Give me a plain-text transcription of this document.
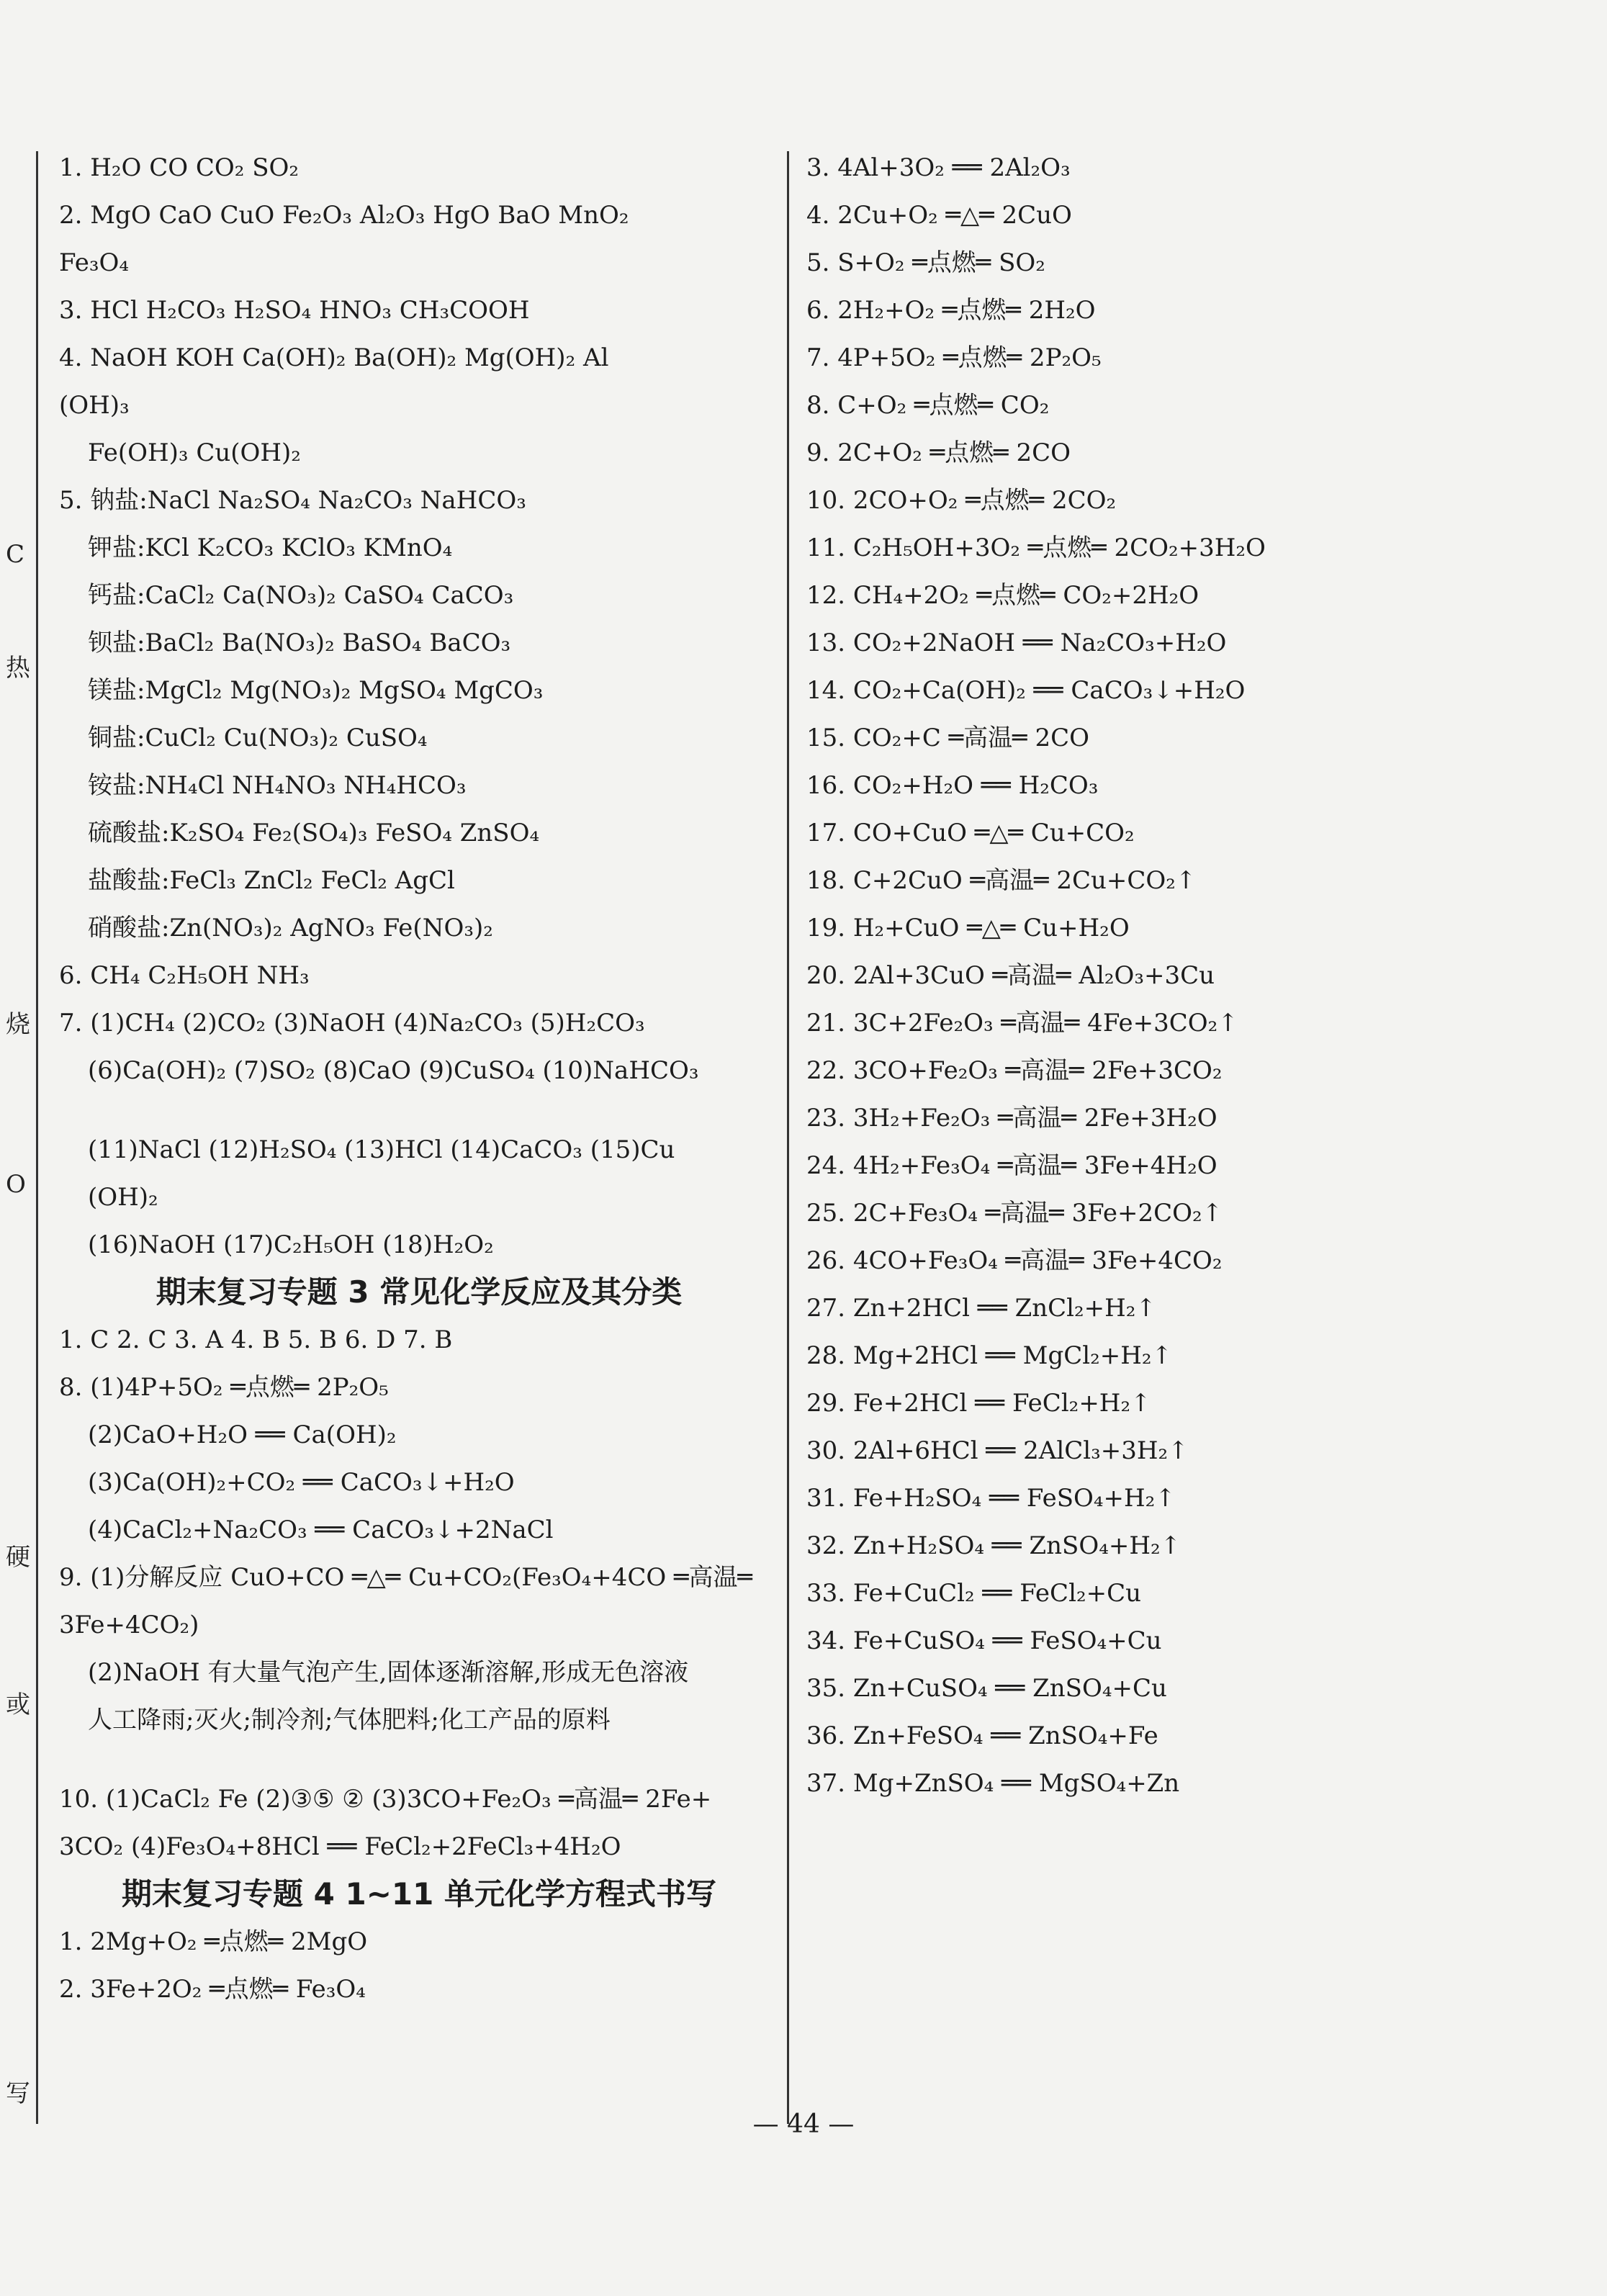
C
热
烧
O
硬
或
写
1. H₂O CO CO₂ SO₂
2. MgO CaO CuO Fe₂O₃ Al₂O₃ HgO BaO MnO₂
Fe₃O₄
3. HCl H₂CO₃ H₂SO₄ HNO₃ CH₃COOH
4. NaOH KOH Ca(OH)₂ Ba(OH)₂ Mg(OH)₂ Al
(OH)₃
Fe(OH)₃ Cu(OH)₂
5. 钠盐:NaCl Na₂SO₄ Na₂CO₃ NaHCO₃
钾盐:KCl K₂CO₃ KClO₃ KMnO₄
钙盐:CaCl₂ Ca(NO₃)₂ CaSO₄ CaCO₃
钡盐:BaCl₂ Ba(NO₃)₂ BaSO₄ BaCO₃
镁盐:MgCl₂ Mg(NO₃)₂ MgSO₄ MgCO₃
铜盐:CuCl₂ Cu(NO₃)₂ CuSO₄
铵盐:NH₄Cl NH₄NO₃ NH₄HCO₃
硫酸盐:K₂SO₄ Fe₂(SO₄)₃ FeSO₄ ZnSO₄
盐酸盐:FeCl₃ ZnCl₂ FeCl₂ AgCl
硝酸盐:Zn(NO₃)₂ AgNO₃ Fe(NO₃)₂
6. CH₄ C₂H₅OH NH₃
7. (1)CH₄ (2)CO₂ (3)NaOH (4)Na₂CO₃ (5)H₂CO₃
(6)Ca(OH)₂ (7)SO₂ (8)CaO (9)CuSO₄ (10)NaHCO₃
(11)NaCl (12)H₂SO₄ (13)HCl (14)CaCO₃ (15)Cu
(OH)₂
(16)NaOH (17)C₂H₅OH (18)H₂O₂
期末复习专题 3 常见化学反应及其分类
1. C 2. C 3. A 4. B 5. B 6. D 7. B
8. (1)4P+5O₂ ═点燃═ 2P₂O₅
(2)CaO+H₂O ══ Ca(OH)₂
(3)Ca(OH)₂+CO₂ ══ CaCO₃↓+H₂O
(4)CaCl₂+Na₂CO₃ ══ CaCO₃↓+2NaCl
9. (1)分解反应 CuO+CO ═△═ Cu+CO₂(Fe₃O₄+4CO ═高温═
3Fe+4CO₂)
(2)NaOH 有大量气泡产生,固体逐渐溶解,形成无色溶液
人工降雨;灭火;制冷剂;气体肥料;化工产品的原料
10. (1)CaCl₂ Fe (2)③⑤ ② (3)3CO+Fe₂O₃ ═高温═ 2Fe+
3CO₂ (4)Fe₃O₄+8HCl ══ FeCl₂+2FeCl₃+4H₂O
期末复习专题 4 1~11 单元化学方程式书写
1. 2Mg+O₂ ═点燃═ 2MgO
2. 3Fe+2O₂ ═点燃═ Fe₃O₄
3. 4Al+3O₂ ══ 2Al₂O₃
4. 2Cu+O₂ ═△═ 2CuO
5. S+O₂ ═点燃═ SO₂
6. 2H₂+O₂ ═点燃═ 2H₂O
7. 4P+5O₂ ═点燃═ 2P₂O₅
8. C+O₂ ═点燃═ CO₂
9. 2C+O₂ ═点燃═ 2CO
10. 2CO+O₂ ═点燃═ 2CO₂
11. C₂H₅OH+3O₂ ═点燃═ 2CO₂+3H₂O
12. CH₄+2O₂ ═点燃═ CO₂+2H₂O
13. CO₂+2NaOH ══ Na₂CO₃+H₂O
14. CO₂+Ca(OH)₂ ══ CaCO₃↓+H₂O
15. CO₂+C ═高温═ 2CO
16. CO₂+H₂O ══ H₂CO₃
17. CO+CuO ═△═ Cu+CO₂
18. C+2CuO ═高温═ 2Cu+CO₂↑
19. H₂+CuO ═△═ Cu+H₂O
20. 2Al+3CuO ═高温═ Al₂O₃+3Cu
21. 3C+2Fe₂O₃ ═高温═ 4Fe+3CO₂↑
22. 3CO+Fe₂O₃ ═高温═ 2Fe+3CO₂
23. 3H₂+Fe₂O₃ ═高温═ 2Fe+3H₂O
24. 4H₂+Fe₃O₄ ═高温═ 3Fe+4H₂O
25. 2C+Fe₃O₄ ═高温═ 3Fe+2CO₂↑
26. 4CO+Fe₃O₄ ═高温═ 3Fe+4CO₂
27. Zn+2HCl ══ ZnCl₂+H₂↑
28. Mg+2HCl ══ MgCl₂+H₂↑
29. Fe+2HCl ══ FeCl₂+H₂↑
30. 2Al+6HCl ══ 2AlCl₃+3H₂↑
31. Fe+H₂SO₄ ══ FeSO₄+H₂↑
32. Zn+H₂SO₄ ══ ZnSO₄+H₂↑
33. Fe+CuCl₂ ══ FeCl₂+Cu
34. Fe+CuSO₄ ══ FeSO₄+Cu
35. Zn+CuSO₄ ══ ZnSO₄+Cu
36. Zn+FeSO₄ ══ ZnSO₄+Fe
37. Mg+ZnSO₄ ══ MgSO₄+Zn
— 44 —
